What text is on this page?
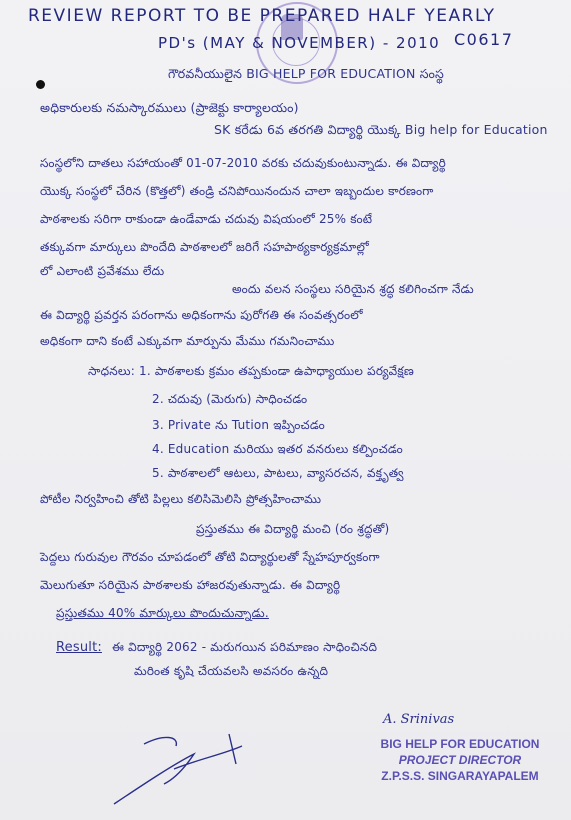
REVIEW REPORT TO BE PREPARED HALF YEARLY
PD's (MAY & NOVEMBER) - 2010 C0617
గౌరవనీయులైన BIG HELP FOR EDUCATION సంస్థ
అధికారులకు నమస్కారములు (ప్రాజెక్టు కార్యాలయం)
SK కరేడు 6వ తరగతి విద్యార్థి యొక్క Big help for Education
సంస్థలోని దాతలు సహాయంతో 01-07-2010 వరకు చదువుకుంటున్నాడు. ఈ విద్యార్థి
యొక్క సంస్థలో చేరిన (కొత్తలో) తండ్రి చనిపోయినందున చాలా ఇబ్బందుల కారణంగా
పాఠశాలకు సరిగా రాకుండా ఉండేవాడు చదువు విషయంలో 25% కంటే
తక్కువగా మార్కులు పొందేది పాఠశాలలో జరిగే సహపాఠ్యకార్యక్రమాల్లో
లో ఎలాంటి ప్రవేశము లేదు
అందు వలన సంస్థలు సరియైన శ్రద్ధ కలిగించగా నేడు
ఈ విద్యార్థి ప్రవర్తన పరంగాను అధికంగాను పురోగతి ఈ సంవత్సరంలో
అధికంగా దాని కంటే ఎక్కువగా మార్పును మేము గమనించాము
సాధనలు: 1. పాఠశాలకు క్రమం తప్పకుండా ఉపాధ్యాయుల పర్యవేక్షణ
2. చదువు (మెరుగు) సాధించడం
3. Private ను Tution ఇప్పించడం
4. Education మరియు ఇతర వనరులు కల్పించడం
5. పాఠశాలలో ఆటలు, పాటలు, వ్యాసరచన, వక్తృత్వ
పోటీల నిర్వహించి తోటి పిల్లలు కలిసిమెలిసి ప్రోత్సహించాము
ప్రస్తుతము ఈ విద్యార్థి మంచి (రం శ్రద్ధతో)
పెద్దలు గురువుల గౌరవం చూపడంలో తోటి విద్యార్థులతో స్నేహపూర్వకంగా
మెలుగుతూ సరియైన పాఠశాలకు హాజరవుతున్నాడు. ఈ విద్యార్థి
ప్రస్తుతము 40% మార్కులు పొందుచున్నాడు.
Result: ఈ విద్యార్థి 2062 - మరుగయిన పరిమాణం సాధించినది
మరింత కృషి చేయవలసి అవసరం ఉన్నది
A. Srinivas
BIG HELP FOR EDUCATION
PROJECT DIRECTOR
Z.P.S.S. SINGARAYAPALEM
